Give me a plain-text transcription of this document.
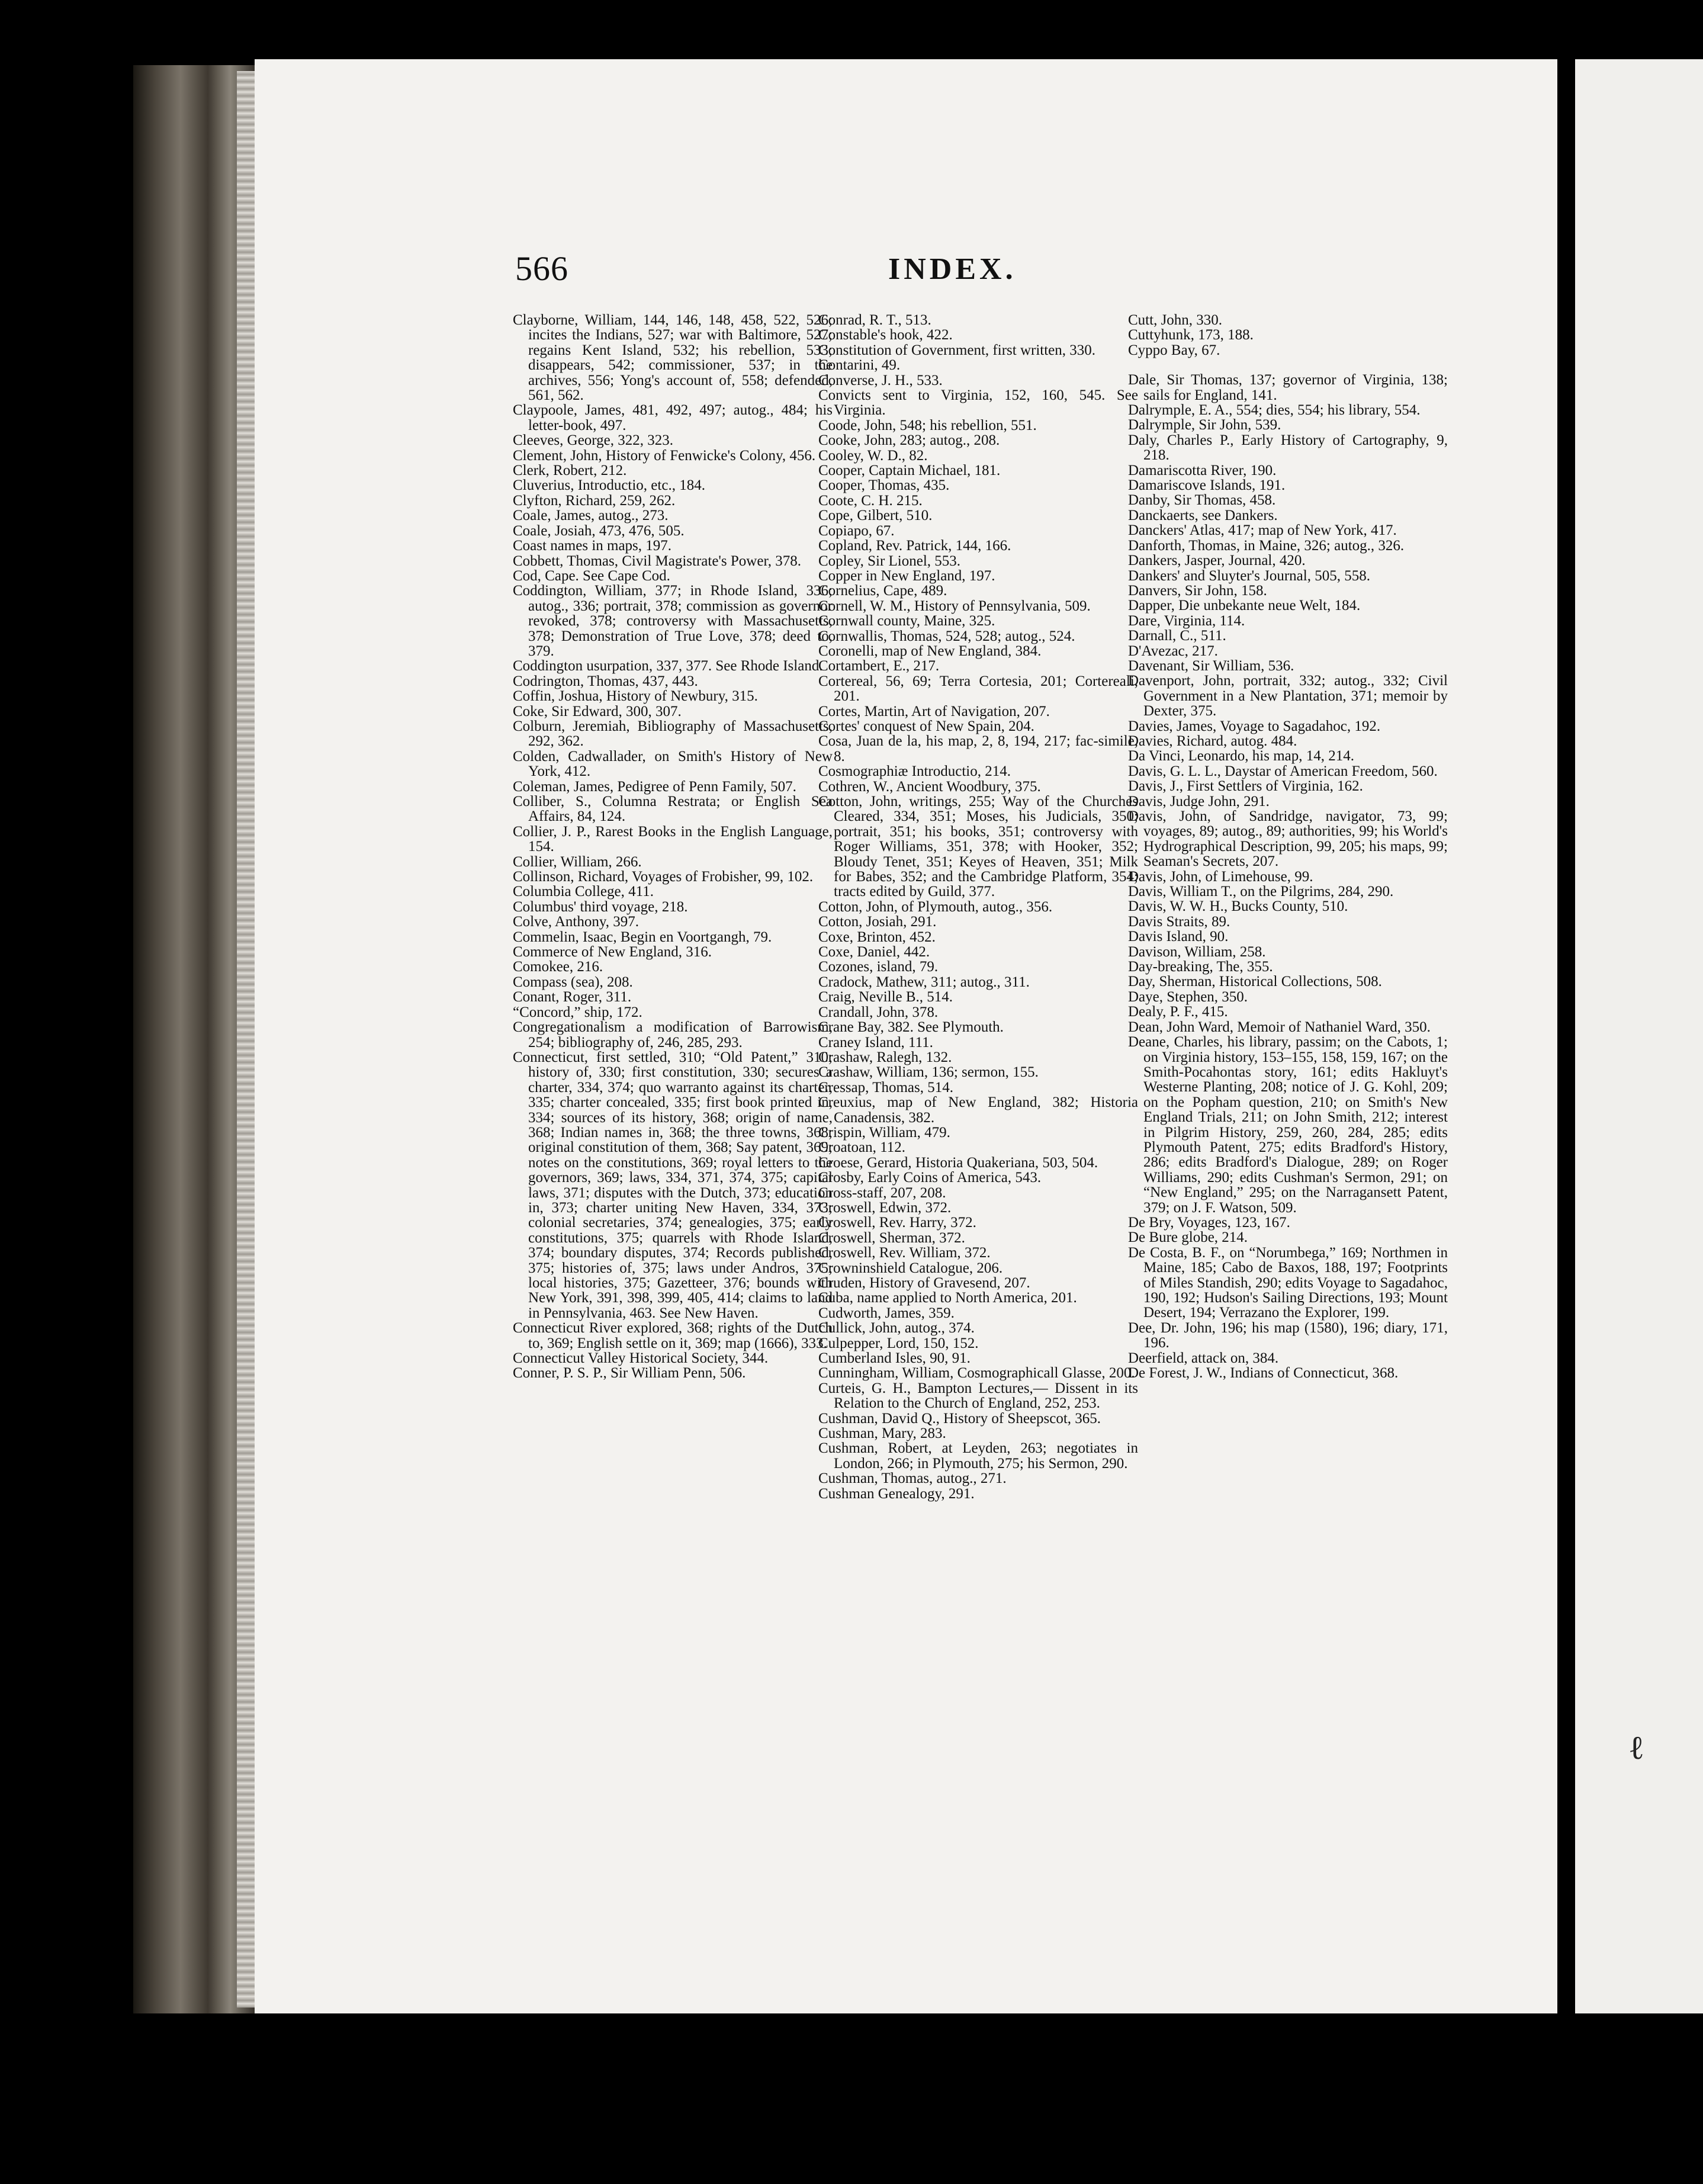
ℓ
566	INDEX.

Clayborne, William, 144, 146, 148, 458, 522, 526; incites the Indians, 527; war with Baltimore, 527; regains Kent Island, 532; his rebellion, 533; disappears, 542; commissioner, 537; in the archives, 556; Yong's account of, 558; defended, 561, 562.

Claypoole, James, 481, 492, 497; autog., 484; his letter-book, 497.

Cleeves, George, 322, 323.

Clement, John, History of Fenwicke's Colony, 456.

Clerk, Robert, 212.

Cluverius, Introductio, etc., 184.

Clyfton, Richard, 259, 262.

Coale, James, autog., 273.

Coale, Josiah, 473, 476, 505.

Coast names in maps, 197.

Cobbett, Thomas, Civil Magistrate's Power, 378.

Cod, Cape. See Cape Cod.

Coddington, William, 377; in Rhode Island, 336; autog., 336; portrait, 378; commission as governor revoked, 378; controversy with Massachusetts, 378; Demonstration of True Love, 378; deed to, 379.

Coddington usurpation, 337, 377. See Rhode Island.

Codrington, Thomas, 437, 443.

Coffin, Joshua, History of Newbury, 315.

Coke, Sir Edward, 300, 307.

Colburn, Jeremiah, Bibliography of Massachusetts, 292, 362.

Colden, Cadwallader, on Smith's History of New York, 412.

Coleman, James, Pedigree of Penn Family, 507.

Colliber, S., Columna Restrata; or English Sea Affairs, 84, 124.

Collier, J. P., Rarest Books in the English Language, 154.

Collier, William, 266.

Collinson, Richard, Voyages of Frobisher, 99, 102.

Columbia College, 411.

Columbus' third voyage, 218.

Colve, Anthony, 397.

Commelin, Isaac, Begin en Voortgangh, 79.

Commerce of New England, 316.

Comokee, 216.

Compass (sea), 208.

Conant, Roger, 311.

“Concord,” ship, 172.

Congregationalism a modification of Barrowism, 254; bibliography of, 246, 285, 293.

Connecticut, first settled, 310; “Old Patent,” 310; history of, 330; first constitution, 330; secures a charter, 334, 374; quo warranto against its charter, 335; charter concealed, 335; first book printed in, 334; sources of its history, 368; origin of name, 368; Indian names in, 368; the three towns, 368; original constitution of them, 368; Say patent, 369; notes on the constitutions, 369; royal letters to the governors, 369; laws, 334, 371, 374, 375; capital laws, 371; disputes with the Dutch, 373; education in, 373; charter uniting New Haven, 334, 373; colonial secretaries, 374; genealogies, 375; early constitutions, 375; quarrels with Rhode Island, 374; boundary disputes, 374; Records published, 375; histories of, 375; laws under Andros, 375; local histories, 375; Gazetteer, 376; bounds with New York, 391, 398, 399, 405, 414; claims to land in Pennsylvania, 463. See New Haven.

Connecticut River explored, 368; rights of the Dutch to, 369; English settle on it, 369; map (1666), 333.

Connecticut Valley Historical Society, 344.

Conner, P. S. P., Sir William Penn, 506.

Conrad, R. T., 513.

Constable's hook, 422.

Constitution of Government, first written, 330.

Contarini, 49.

Converse, J. H., 533.

Convicts sent to Virginia, 152, 160, 545. See Virginia.

Coode, John, 548; his rebellion, 551.

Cooke, John, 283; autog., 208.

Cooley, W. D., 82.

Cooper, Captain Michael, 181.

Cooper, Thomas, 435.

Coote, C. H. 215.

Cope, Gilbert, 510.

Copiapo, 67.

Copland, Rev. Patrick, 144, 166.

Copley, Sir Lionel, 553.

Copper in New England, 197.

Cornelius, Cape, 489.

Cornell, W. M., History of Pennsylvania, 509.

Cornwall county, Maine, 325.

Cornwallis, Thomas, 524, 528; autog., 524.

Coronelli, map of New England, 384.

Cortambert, E., 217.

Cortereal, 56, 69; Terra Cortesia, 201; Cortereali, 201.

Cortes, Martin, Art of Navigation, 207.

Cortes' conquest of New Spain, 204.

Cosa, Juan de la, his map, 2, 8, 194, 217; fac-simile, 8.

Cosmographiæ Introductio, 214.

Cothren, W., Ancient Woodbury, 375.

Cotton, John, writings, 255; Way of the Churches Cleared, 334, 351; Moses, his Judicials, 350; portrait, 351; his books, 351; controversy with Roger Williams, 351, 378; with Hooker, 352; Bloudy Tenet, 351; Keyes of Heaven, 351; Milk for Babes, 352; and the Cambridge Platform, 354; tracts edited by Guild, 377.

Cotton, John, of Plymouth, autog., 356.

Cotton, Josiah, 291.

Coxe, Brinton, 452.

Coxe, Daniel, 442.

Cozones, island, 79.

Cradock, Mathew, 311; autog., 311.

Craig, Neville B., 514.

Crandall, John, 378.

Crane Bay, 382. See Plymouth.

Craney Island, 111.

Crashaw, Ralegh, 132.

Crashaw, William, 136; sermon, 155.

Cressap, Thomas, 514.

Creuxius, map of New England, 382; Historia Canadensis, 382.

Crispin, William, 479.

Croatoan, 112.

Croese, Gerard, Historia Quakeriana, 503, 504.

Crosby, Early Coins of America, 543.

Cross-staff, 207, 208.

Croswell, Edwin, 372.

Croswell, Rev. Harry, 372.

Croswell, Sherman, 372.

Croswell, Rev. William, 372.

Crowninshield Catalogue, 206.

Cruden, History of Gravesend, 207.

Cuba, name applied to North America, 201.

Cudworth, James, 359.

Cullick, John, autog., 374.

Culpepper, Lord, 150, 152.

Cumberland Isles, 90, 91.

Cunningham, William, Cosmographicall Glasse, 200.

Curteis, G. H., Bampton Lectures,— Dissent in its Relation to the Church of England, 252, 253.

Cushman, David Q., History of Sheepscot, 365.

Cushman, Mary, 283.

Cushman, Robert, at Leyden, 263; negotiates in London, 266; in Plymouth, 275; his Sermon, 290.

Cushman, Thomas, autog., 271.

Cushman Genealogy, 291.

Cutt, John, 330.

Cuttyhunk, 173, 188.

Cyppo Bay, 67.

Dale, Sir Thomas, 137; governor of Virginia, 138; sails for England, 141.

Dalrymple, E. A., 554; dies, 554; his library, 554.

Dalrymple, Sir John, 539.

Daly, Charles P., Early History of Cartography, 9, 218.

Damariscotta River, 190.

Damariscove Islands, 191.

Danby, Sir Thomas, 458.

Danckaerts, see Dankers.

Danckers' Atlas, 417; map of New York, 417.

Danforth, Thomas, in Maine, 326; autog., 326.

Dankers, Jasper, Journal, 420.

Dankers' and Sluyter's Journal, 505, 558.

Danvers, Sir John, 158.

Dapper, Die unbekante neue Welt, 184.

Dare, Virginia, 114.

Darnall, C., 511.

D'Avezac, 217.

Davenant, Sir William, 536.

Davenport, John, portrait, 332; autog., 332; Civil Government in a New Plantation, 371; memoir by Dexter, 375.

Davies, James, Voyage to Sagadahoc, 192.

Davies, Richard, autog. 484.

Da Vinci, Leonardo, his map, 14, 214.

Davis, G. L. L., Daystar of American Freedom, 560.

Davis, J., First Settlers of Virginia, 162.

Davis, Judge John, 291.

Davis, John, of Sandridge, navigator, 73, 99; voyages, 89; autog., 89; authorities, 99; his World's Hydrographical Description, 99, 205; his maps, 99; Seaman's Secrets, 207.

Davis, John, of Limehouse, 99.

Davis, William T., on the Pilgrims, 284, 290.

Davis, W. W. H., Bucks County, 510.

Davis Straits, 89.

Davis Island, 90.

Davison, William, 258.

Day-breaking, The, 355.

Day, Sherman, Historical Collections, 508.

Daye, Stephen, 350.

Dealy, P. F., 415.

Dean, John Ward, Memoir of Nathaniel Ward, 350.

Deane, Charles, his library, passim; on the Cabots, 1; on Virginia history, 153–155, 158, 159, 167; on the Smith-Pocahontas story, 161; edits Hakluyt's Westerne Planting, 208; notice of J. G. Kohl, 209; on the Popham question, 210; on Smith's New England Trials, 211; on John Smith, 212; interest in Pilgrim History, 259, 260, 284, 285; edits Plymouth Patent, 275; edits Bradford's History, 286; edits Bradford's Dialogue, 289; on Roger Williams, 290; edits Cushman's Sermon, 291; on “New England,” 295; on the Narragansett Patent, 379; on J. F. Watson, 509.

De Bry, Voyages, 123, 167.

De Bure globe, 214.

De Costa, B. F., on “Norumbega,” 169; Northmen in Maine, 185; Cabo de Baxos, 188, 197; Footprints of Miles Standish, 290; edits Voyage to Sagadahoc, 190, 192; Hudson's Sailing Directions, 193; Mount Desert, 194; Verrazano the Explorer, 199.

Dee, Dr. John, 196; his map (1580), 196; diary, 171, 196.

Deerfield, attack on, 384.

De Forest, J. W., Indians of Connecticut, 368.
